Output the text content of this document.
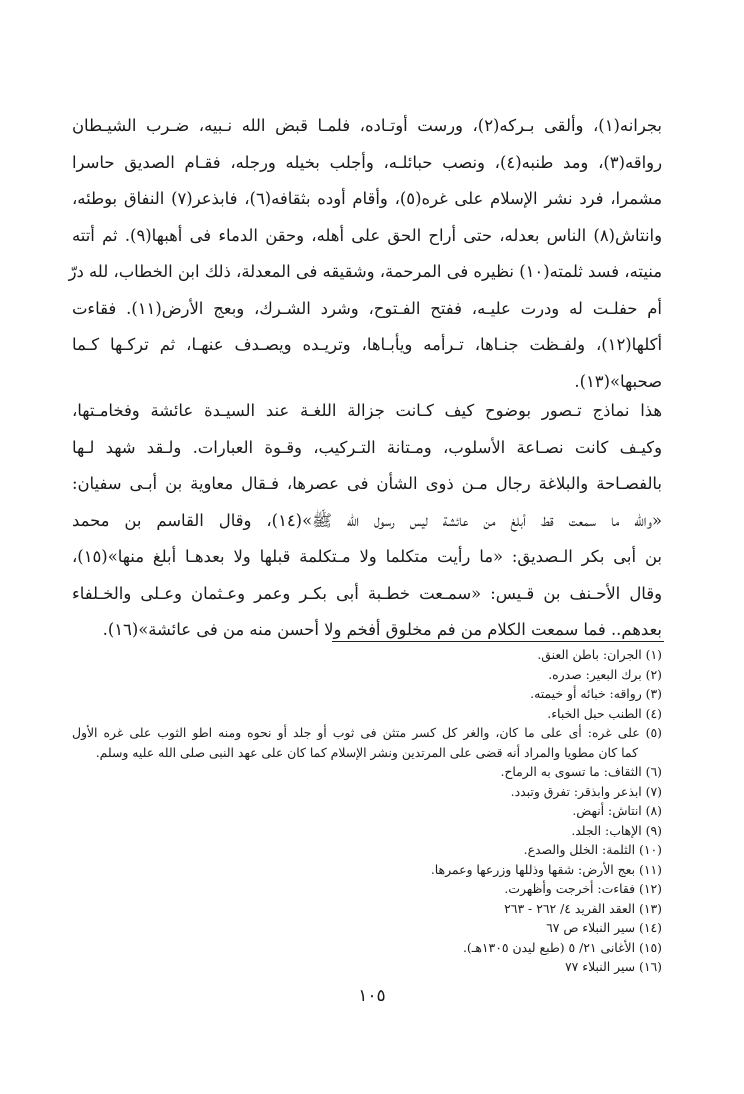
بجرانه(١)، وألقى بـركه(٢)، ورست أوتـاده، فلمـا قبض الله نـبيه، ضـرب الشيـطان
رواقه(٣)، ومد طنبه(٤)، ونصب حبائلـه، وأجلب بخيله ورجله، فقـام الصديق حاسرا
مشمرا، فرد نشر الإسلام على غره(٥)، وأقام أوده بثقافه(٦)، فابذعر(٧) النفاق بوطئه،
وانتاش(٨) الناس بعدله، حتى أراح الحق على أهله، وحقن الدماء فى أهبها(٩). ثم أتته
منيته، فسد ثلمته(١٠) نظيره فى المرحمة، وشقيقه فى المعدلة، ذلك ابن الخطاب، لله درّ
أم حفلـت له ودرت عليـه، ففتح الفـتوح، وشرد الشـرك، وبعج الأرض(١١). فقاءت
أكلها(١٢)، ولفـظت جنـاها، تـرأمه ويأبـاها، وتريـده ويصـدف عنهـا، ثم تركـها كـما
صحبها»(١٣).
هذا نماذج تـصور بوضوح كيف كـانت جزالة اللغـة عند السيـدة عائشة وفخامـتها،
وكيـف كانت نصـاعة الأسلوب، ومـتانة التـركيب، وقـوة العبارات. ولـقد شهد لـها
بالفصـاحة والبلاغة رجال مـن ذوى الشأن فى عصرها، فـقال معاوية بن أبـى سفيان:
«والله ما سمعت قط أبلغ من عائشة ليس رسول الله ﷺ»(١٤)، وقال القاسم بن محمد
بن أبى بكر الـصديق: «ما رأيت متكلما ولا مـتكلمة قبلها ولا بعدهـا أبلغ منها»(١٥)،
وقال الأحـنف بن قـيس: «سمـعت خطـبة أبى بكـر وعمر وعـثمان وعـلى والخـلفاء
بعدهم.. فما سمعت الكلام من فم مخلوق أفخم ولا أحسن منه من فى عائشة»(١٦).
(١) الجران: باطن العنق.
(٢) برك البعير: صدره.
(٣) رواقه: خبائه أو خيمته.
(٤) الطنب حبل الخباء.
(٥) على غره: أى على ما كان، والغر كل كسر متثن فى ثوب أو جلد أو نحوه ومنه اطو الثوب على غره الأول
كما كان مطويا والمراد أنه قضى على المرتدين ونشر الإسلام كما كان على عهد النبى صلى الله عليه وسلم.
(٦) الثقاف: ما تسوى به الرماح.
(٧) ابذعر وابذقر: تفرق وتبدد.
(٨) انتاش: أنهض.
(٩) الإهاب: الجلد.
(١٠) الثلمة: الخلل والصدع.
(١١) بعج الأرض: شقها وذللها وزرعها وعمرها.
(١٢) فقاءت: أخرجت وأظهرت.
(١٣) العقد الفريد ٤/ ٢٦٢ - ٢٦٣
(١٤) سير النبلاء ص ٦٧
(١٥) الأغانى ٢١/ ٥ (طبع ليدن ١٣٠٥هـ).
(١٦) سير النبلاء ٧٧
١٠٥
